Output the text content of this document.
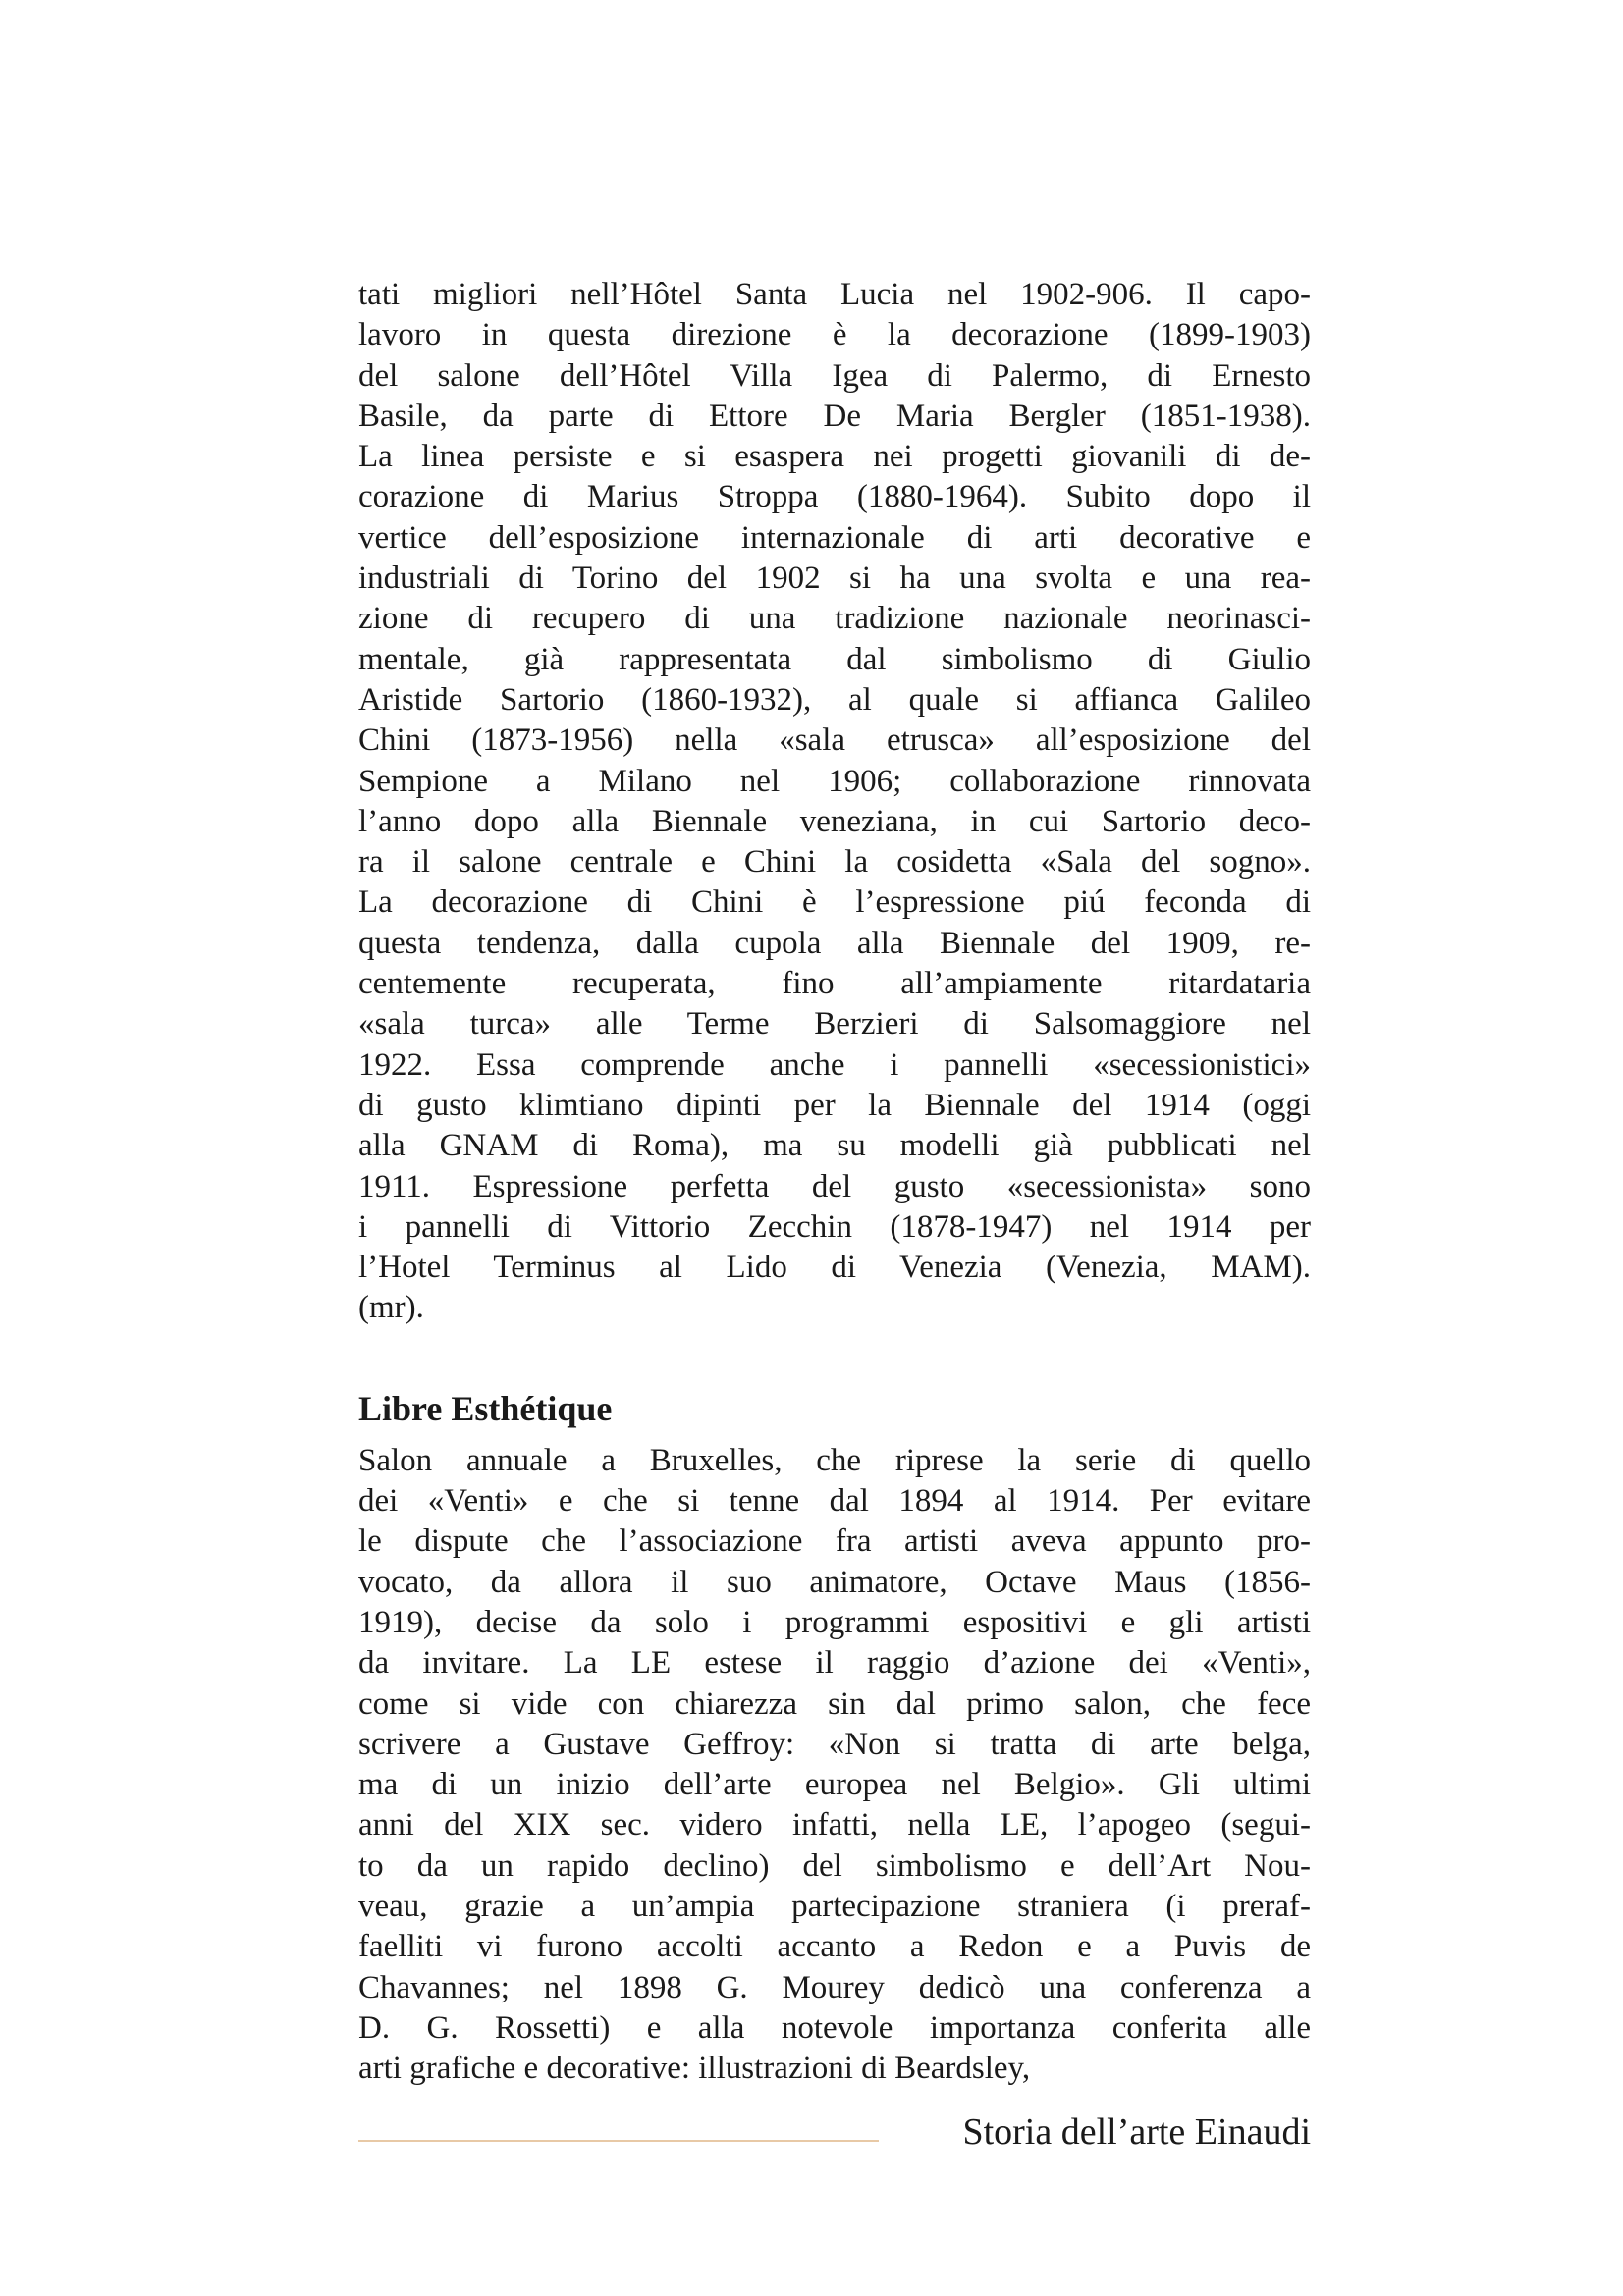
tati migliori nell’Hôtel Santa Lucia nel 1902-906. Il capo-
lavoro in questa direzione è la decorazione (1899-1903)
del salone dell’Hôtel Villa Igea di Palermo, di Ernesto
Basile, da parte di Ettore De Maria Bergler (1851-1938).
La linea persiste e si esaspera nei progetti giovanili di de-
corazione di Marius Stroppa (1880-1964). Subito dopo il
vertice dell’esposizione internazionale di arti decorative e
industriali di Torino del 1902 si ha una svolta e una rea-
zione di recupero di una tradizione nazionale neorinasci-
mentale, già rappresentata dal simbolismo di Giulio
Aristide Sartorio (1860-1932), al quale si affianca Galileo
Chini (1873-1956) nella «sala etrusca» all’esposizione del
Sempione a Milano nel 1906; collaborazione rinnovata
l’anno dopo alla Biennale veneziana, in cui Sartorio deco-
ra il salone centrale e Chini la cosidetta «Sala del sogno».
La decorazione di Chini è l’espressione piú feconda di
questa tendenza, dalla cupola alla Biennale del 1909, re-
centemente recuperata, fino all’ampiamente ritardataria
«sala turca» alle Terme Berzieri di Salsomaggiore nel
1922. Essa comprende anche i pannelli «secessionistici»
di gusto klimtiano dipinti per la Biennale del 1914 (oggi
alla GNAM di Roma), ma su modelli già pubblicati nel
1911. Espressione perfetta del gusto «secessionista» sono
i pannelli di Vittorio Zecchin (1878-1947) nel 1914 per
l’Hotel Terminus al Lido di Venezia (Venezia, MAM).
(mr).

Libre Esthétique

Salon annuale a Bruxelles, che riprese la serie di quello
dei «Venti» e che si tenne dal 1894 al 1914. Per evitare
le dispute che l’associazione fra artisti aveva appunto pro-
vocato, da allora il suo animatore, Octave Maus (1856-
1919), decise da solo i programmi espositivi e gli artisti
da invitare. La LE estese il raggio d’azione dei «Venti»,
come si vide con chiarezza sin dal primo salon, che fece
scrivere a Gustave Geffroy: «Non si tratta di arte belga,
ma di un inizio dell’arte europea nel Belgio». Gli ultimi
anni del XIX sec. videro infatti, nella LE, l’apogeo (segui-
to da un rapido declino) del simbolismo e dell’Art Nou-
veau, grazie a un’ampia partecipazione straniera (i preraf-
faelliti vi furono accolti accanto a Redon e a Puvis de
Chavannes; nel 1898 G. Mourey dedicò una conferenza a
D. G. Rossetti) e alla notevole importanza conferita alle
arti grafiche e decorative: illustrazioni di Beardsley,

Storia dell’arte Einaudi
